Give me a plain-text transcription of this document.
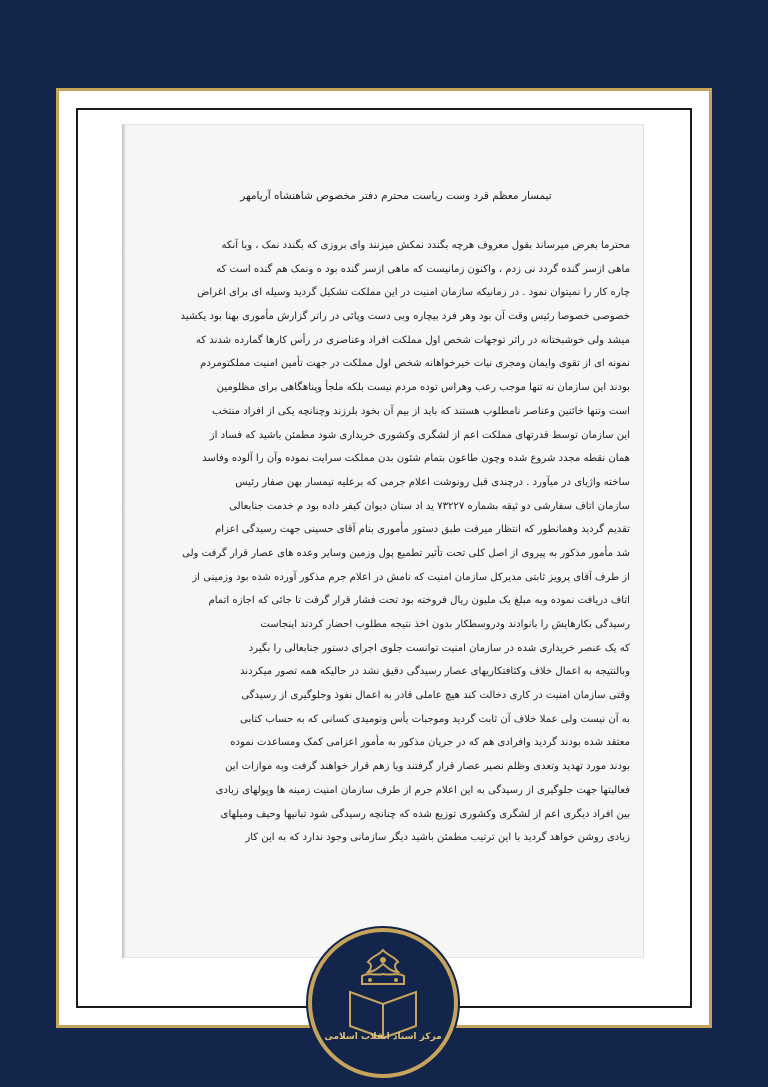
تیمسار معظم قرد وست ریاست محترم دفتر مخصوص شاهنشاه آریامهر
محترما بعرض میرساند بقول معروف هرچه بگندد نمکش میزنند وای بروزی که بگندد نمک ، وبا آنکه
ماهی ازسر گنده گردد نی زدم ، واکنون زمانیست که ماهی ازسر گنده بود ه ونمک هم گنده است که
چاره کار را نمیتوان نمود . در زمانیکه سازمان امنیت در این مملکت تشکیل گردید وسیله ای برای اغراض
خصوصی خصوصا رئیس وقت آن بود وهر فرد بیچاره وبی دست وپائی در راتر گزارش مأموری بهنا بود یکشید
میشد ولی خوشبختانه در راثر توجهات شخص اول مملکت افراد وعناصری در رأس کارها گمارده شدند که
نمونه ای از تقوی وایمان ومجری نیات خیرخواهانه شخص اول مملکت در جهت تأمین امنیت مملکتومردم
بودند این سازمان نه تنها موجب رعب وهراس توده مردم نیست بلکه ملجأ وپناهگاهی برای مظلومین
است وتنها خائنین وعناصر نامطلوب هستند که باید از بیم آن بخود بلرزند وچنانچه یکی از افراد منتخب
این سازمان توسط قدرتهای مملکت اعم از لشگری وکشوری خریداری شود مطمئن باشید که فساد از
همان نقطه مجدد شروع شده وچون طاعون بتمام شئون بدن مملکت سرایت نموده وآن را آلوده وفاسد
ساخته واژیای در میآورد . درچندی قبل رونوشت اعلام جرمی که برعلیه تیمسار بهن صفار رئیس
سازمان اتاف سفارشی دو ثیقه بشماره ۷۳۲۲۷ ید اد ستان دیوان کیفر داده بود م خدمت جنابعالی
تقدیم گردید وهمانطور که انتظار میرفت طبق دستور مأموری بنام آقای حسینی جهت رسیدگی اعزام
شد مأمور مذکور به پیروی از اصل کلی تحت تأثیر تطمیع پول وزمین وسایر وعده های عصار قرار گرفت ولی
از طرف آقای پرویز ثابتی مدیرکل سازمان امنیت که نامش در اعلام جرم مذکور آورده شده بود وزمینی از
اتاف دریافت نموده وبه مبلغ یک ملیون ریال فروخته بود تحت فشار قرار گرفت تا جائی که اجازه اتمام
رسیدگی بکارهایش را بانوادند ودروسطکار بدون اخذ نتیجه مطلوب احضار کردند اینجاست
که یک عنصر خریداری شده در سازمان امنیت توانست جلوی اجرای دستور جنابعالی را بگیرد
وبالنتیجه به اعمال خلاف وکثافتکاریهای عصار رسیدگی دقیق نشد در حالیکه همه تصور میکردند
وقتی سازمان امنیت در کاری دخالت کند هیچ عاملی قادر به اعمال نفوذ وجلوگیری از رسیدگی
به آن نیست ولی عملا خلاف آن ثابت گردید وموجبات یأس ونومیدی کسانی که به حساب کتابی
معتقد شده بودند گردید وافرادی هم که در جریان مذکور به مأمور اعزامی کمک ومساعدت نموده
بودند مورد تهدید وتعدی وظلم نصیر عصار قرار گرفتند ویا زهم قرار خواهند گرفت وبه موازات این
فعالیتها جهت جلوگیری از رسیدگی به این اعلام جرم از طرف سازمان امنیت زمینه ها وپولهای زیادی
بین افراد دیگری اعم از لشگری وکشوری توزیع شده که چنانچه رسیدگی شود تبانیها وحیف ومیلهای
زیادی روشن خواهد گردید با این ترتیب مطمئن باشید دیگر سازمانی وجود ندارد که به این کار
مرکز اسناد انقلاب اسلامی
